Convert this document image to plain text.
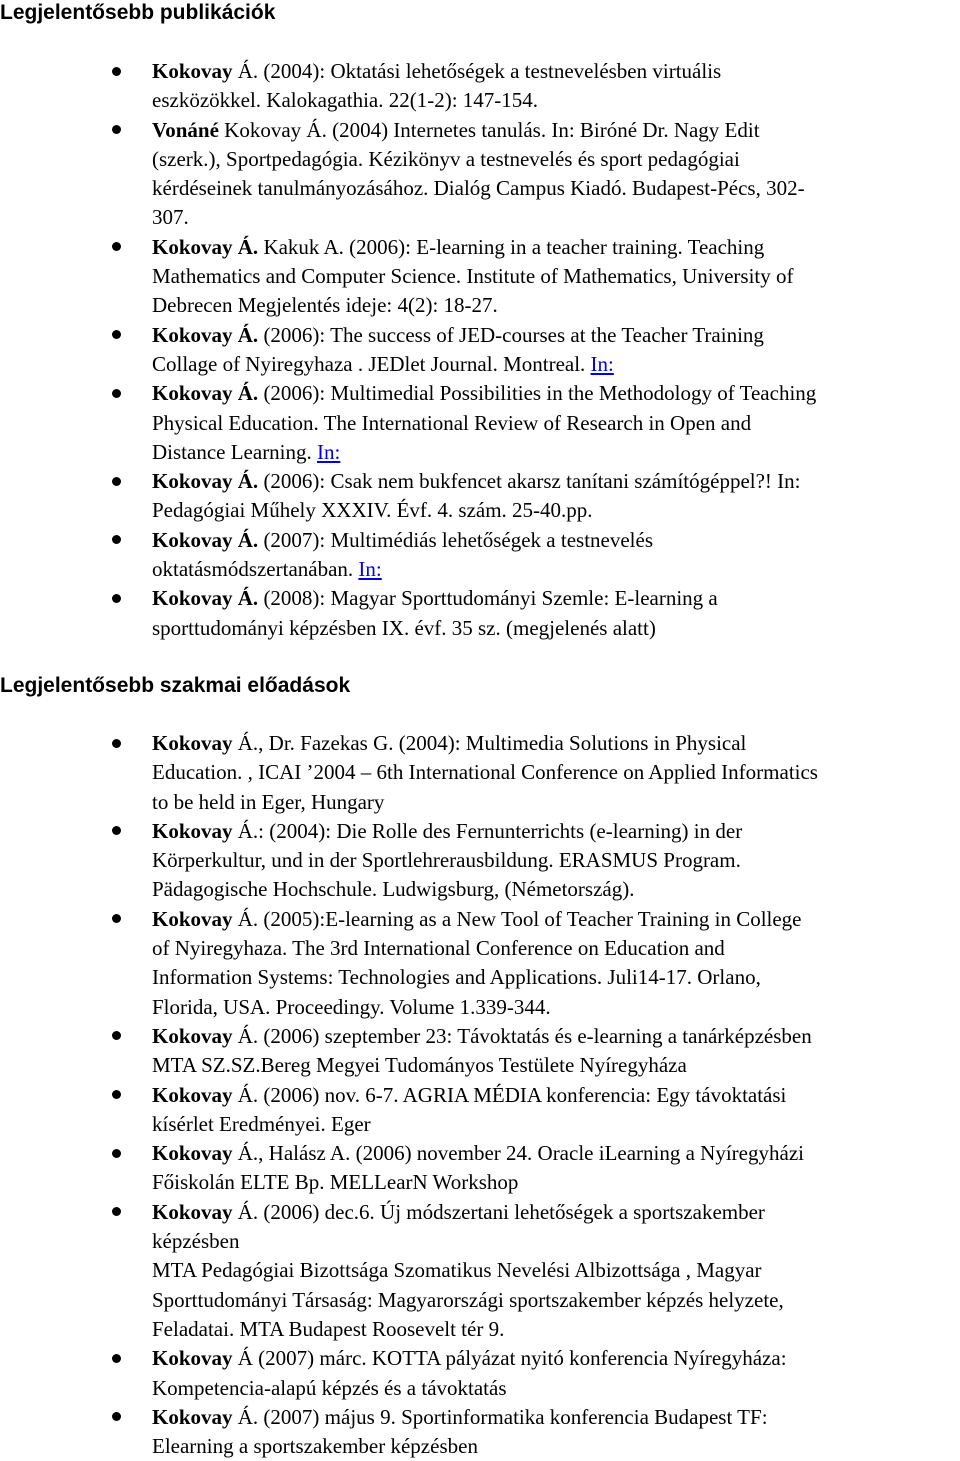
Legjelentősebb publikációk
Kokovay Á. (2004): Oktatási lehetőségek a testnevelésben virtuális
eszközökkel. Kalokagathia. 22(1-2): 147-154.
Vonáné Kokovay Á. (2004) Internetes tanulás. In: Biróné Dr. Nagy Edit
(szerk.), Sportpedagógia. Kézikönyv a testnevelés és sport pedagógiai
kérdéseinek tanulmányozásához. Dialóg Campus Kiadó. Budapest-Pécs, 302-
307.
Kokovay Á. Kakuk A. (2006): E-learning in a teacher training. Teaching
Mathematics and Computer Science. Institute of Mathematics, University of
Debrecen Megjelentés ideje: 4(2): 18-27.
Kokovay Á. (2006): The success of JED-courses at the Teacher Training
Collage of Nyiregyhaza . JEDlet Journal. Montreal. In:
Kokovay Á. (2006): Multimedial Possibilities in the Methodology of Teaching
Physical Education. The International Review of Research in Open and
Distance Learning. In:
Kokovay Á. (2006): Csak nem bukfencet akarsz tanítani számítógéppel?! In:
Pedagógiai Műhely XXXIV. Évf. 4. szám. 25-40.pp.
Kokovay Á. (2007): Multimédiás lehetőségek a testnevelés
oktatásmódszertanában. In:
Kokovay Á. (2008): Magyar Sporttudományi Szemle: E-learning a
sporttudományi képzésben IX. évf. 35 sz. (megjelenés alatt)
Legjelentősebb szakmai előadások
Kokovay Á., Dr. Fazekas G. (2004): Multimedia Solutions in Physical
Education. , ICAI ’2004 – 6th International Conference on Applied Informatics
to be held in Eger, Hungary
Kokovay Á.: (2004): Die Rolle des Fernunterrichts (e-learning) in der
Körperkultur, und in der Sportlehrerausbildung. ERASMUS Program.
Pädagogische Hochschule. Ludwigsburg, (Németország).
Kokovay Á. (2005):E-learning as a New Tool of Teacher Training in College
of Nyiregyhaza. The 3rd International Conference on Education and
Information Systems: Technologies and Applications. Juli14-17. Orlano,
Florida, USA. Proceedingy. Volume 1.339-344.
Kokovay Á. (2006) szeptember 23: Távoktatás és e-learning a tanárképzésben
MTA SZ.SZ.Bereg Megyei Tudományos Testülete Nyíregyháza
Kokovay Á. (2006) nov. 6-7. AGRIA MÉDIA konferencia: Egy távoktatási
kísérlet Eredményei. Eger
Kokovay Á., Halász A. (2006) november 24. Oracle iLearning a Nyíregyházi
Főiskolán ELTE Bp. MELLearN Workshop
Kokovay Á. (2006) dec.6. Új módszertani lehetőségek a sportszakember
képzésben
MTA Pedagógiai Bizottsága Szomatikus Nevelési Albizottsága , Magyar
Sporttudományi Társaság: Magyarországi sportszakember képzés helyzete,
Feladatai. MTA Budapest Roosevelt tér 9.
Kokovay Á (2007) márc. KOTTA pályázat nyitó konferencia Nyíregyháza:
Kompetencia-alapú képzés és a távoktatás
Kokovay Á. (2007) május 9. Sportinformatika konferencia Budapest TF:
Elearning a sportszakember képzésben
